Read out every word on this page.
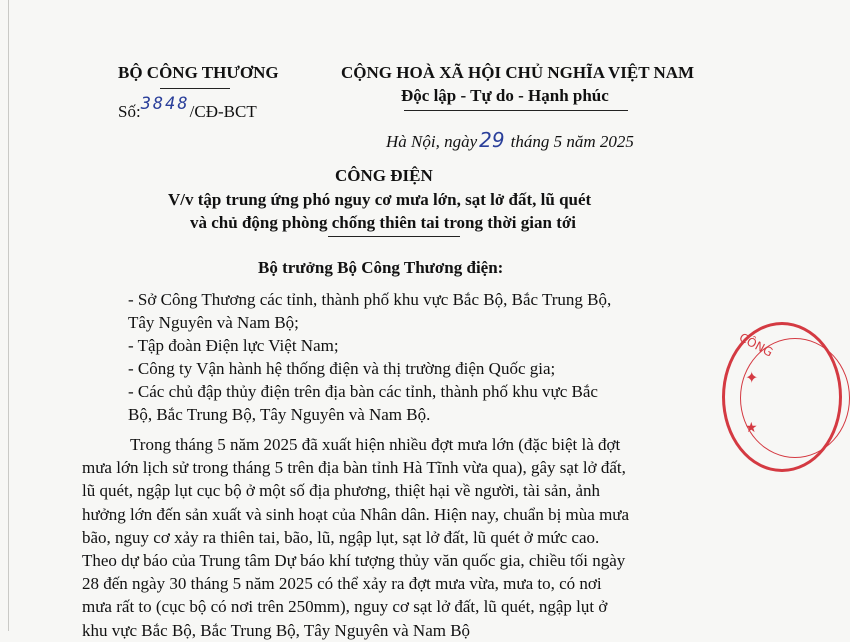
BỘ CÔNG THƯƠNG
Số:3848/CĐ-BCT
CỘNG HOÀ XÃ HỘI CHỦ NGHĨA VIỆT NAM
Độc lập - Tự do - Hạnh phúc
Hà Nội, ngày 29 tháng 5 năm 2025
CÔNG ĐIỆN
V/v tập trung ứng phó nguy cơ mưa lớn, sạt lở đất, lũ quét
và chủ động phòng chống thiên tai trong thời gian tới
Bộ trưởng Bộ Công Thương điện:
- Sở Công Thương các tỉnh, thành phố khu vực Bắc Bộ, Bắc Trung Bộ,
Tây Nguyên và Nam Bộ;
- Tập đoàn Điện lực Việt Nam;
- Công ty Vận hành hệ thống điện và thị trường điện Quốc gia;
- Các chủ đập thủy điện trên địa bàn các tỉnh, thành phố khu vực Bắc
Bộ, Bắc Trung Bộ, Tây Nguyên và Nam Bộ.
Trong tháng 5 năm 2025 đã xuất hiện nhiều đợt mưa lớn (đặc biệt là đợt
mưa lớn lịch sử trong tháng 5 trên địa bàn tỉnh Hà Tĩnh vừa qua), gây sạt lở đất,
lũ quét, ngập lụt cục bộ ở một số địa phương, thiệt hại về người, tài sản, ảnh
hưởng lớn đến sản xuất và sinh hoạt của Nhân dân. Hiện nay, chuẩn bị mùa mưa
bão, nguy cơ xảy ra thiên tai, bão, lũ, ngập lụt, sạt lở đất, lũ quét ở mức cao.
Theo dự báo của Trung tâm Dự báo khí tượng thủy văn quốc gia, chiều tối ngày
28 đến ngày 30 tháng 5 năm 2025 có thể xảy ra đợt mưa vừa, mưa to, có nơi
mưa rất to (cục bộ có nơi trên 250mm), nguy cơ sạt lở đất, lũ quét, ngập lụt ở
khu vực Bắc Bộ, Bắc Trung Bộ, Tây Nguyên và Nam Bộ
CÔNG
✦
★
